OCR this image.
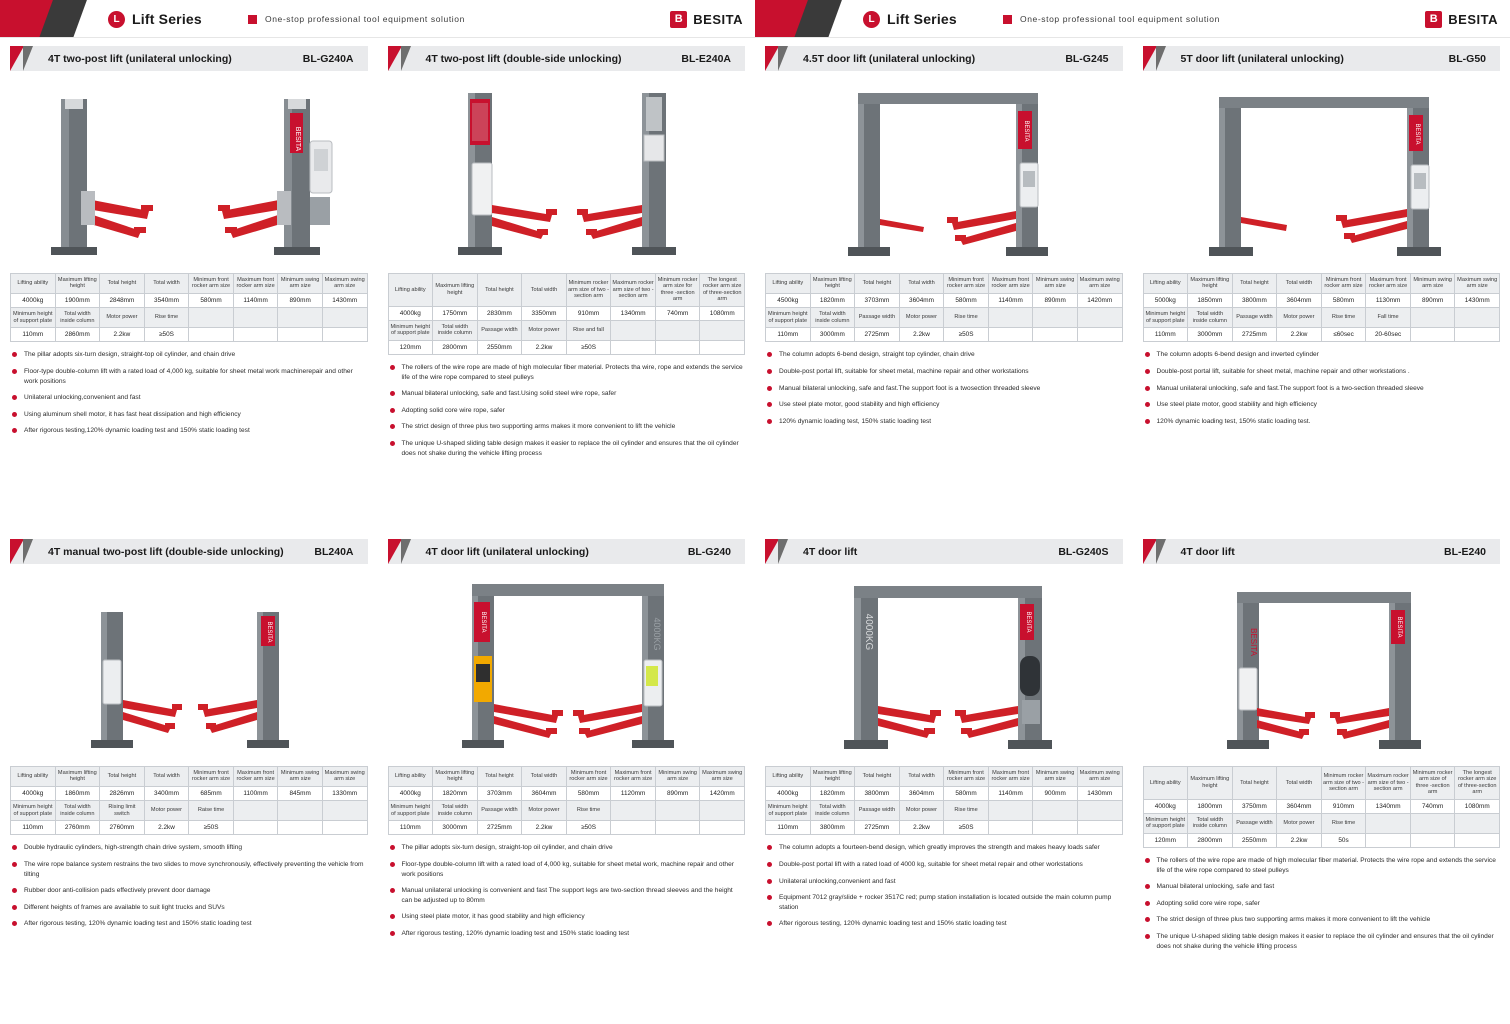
L Lift Series	One-stop professional tool equipment solution B	BESITA
4T two-post lift (unilateral unlocking)	BL-G240A
BESITA
Lifting ability	Maximum lifting height	Total height	Total width	Minimum front rocker arm size	Maximum front rocker arm size	Minimum swing arm size	Maximum swing arm size
4000kg	1900mm	2848mm	3540mm	580mm	1140mm	890mm	1430mm
Minimum height of support plate	Total width inside column	Motor power	Rise time				
110mm	2860mm	2.2kw	≥50S				
The pillar adopts six-turn design, straight-top oil cylinder, and chain drive
Floor-type double-column lift with a rated load of 4,000 kg, suitable for sheet metal work machinerepair and other work positions
Unilateral unlocking,convenient and fast
Using aluminum shell motor, it has fast heat dissipation and high efficiency
After rigorous testing,120% dynamic loading test and 150% static loading test
4T two-post lift (double-side unlocking)	BL-E240A
Lifting ability	Maximum lifting height	Total height	Total width	Minimum rocker arm size of two -section arm	Maximum rocker arm size of two -section arm	Minimum rocker arm size for three -section arm	The longest rocker arm size of three-section arm
4000kg	1750mm	2830mm	3350mm	910mm	1340mm	740mm	1080mm
Minimum height of support plate	Total width inside column	Passage width	Motor power	Rise and fall			
120mm	2800mm	2550mm	2.2kw	≥50S			
The rollers of the wire rope are made of high molecular fiber material. Protects tha wire, rope and extends the service life of the wire rope compared to steel pulleys
Manual bilateral unlocking, safe and fast.Using solid steel wire rope, safer
Adopting solid core wire rope, safer
The strict design of three plus two supporting arms makes it more convenient to lift the vehicle
The unique U-shaped sliding table design makes it easier to replace the oil cylinder and ensures that the oil cylinder does not shake during the vehicle lifting process
4T manual two-post lift (double-side unlocking)	BL240A
BESITA
Lifting ability	Maximum lifting height	Total height	Total width	Minimum front rocker arm size	Maximum front rocker arm size	Minimum swing arm size	Maximum swing arm size
4000kg	1860mm	2826mm	3400mm	685mm	1100mm	845mm	1330mm
Minimum height of support plate	Total width inside column	Rising limit switch	Motor power	Raise time			
110mm	2760mm	2760mm	2.2kw	≥50S			
Double hydraulic cylinders, high-strength chain drive system, smooth lifting
The wire rope balance system restrains the two slides to move synchronously, effectively preventing the vehicle from tilting
Rubber door anti-collision pads effectively prevent door damage
Different heights of frames are available to suit light trucks and SUVs
After rigorous testing, 120% dynamic loading test and 150% static loading test
4T door lift (unilateral unlocking)	BL-G240
BESITA	4000KG
Lifting ability	Maximum lifting height	Total height	Total width	Minimum front rocker arm size	Maximum front rocker arm size	Minimum swing arm size	Maximum swing arm size
4000kg	1820mm	3703mm	3604mm	580mm	1120mm	890mm	1420mm
Minimum height of support plate	Total width inside column	Passage width	Motor power	Rise time			
110mm	3000mm	2725mm	2.2kw	≥50S			
The pillar adopts six-turn design, straight-top oil cylinder, and chain drive
Floor-type double-column lift with a rated load of 4,000 kg, suitable for sheet metal work, machine repair and other work positions
Manual unilateral unlocking is convenient and fast The support legs are two-section thread sleeves and the height can be adjusted up to 80mm
Using steel plate motor, it has good stability and high efficiency
After rigorous testing, 120% dynamic loading test and 150% static loading test
L Lift Series	One-stop professional tool equipment solution B	BESITA
4.5T door lift (unilateral unlocking)	BL-G245
BESITA
Lifting ability	Maximum lifting height	Total height	Total width	Minimum front rocker arm size	Maximum front rocker arm size	Minimum swing arm size	Maximum swing arm size
4500kg	1820mm	3703mm	3604mm	580mm	1140mm	890mm	1420mm
Minimum height of support plate	Total width inside column	Passage width	Motor power	Rise time			
110mm	3000mm	2725mm	2.2kw	≥50S			
The column adopts 6-bend design, straight top cylinder, chain drive
Double-post portal lift, suitable for sheet metal, machine repair and other workstations
Manual bilateral unlocking, safe and fast.The support foot is a twosection threaded sleeve
Use steel plate motor, good stability and high efficiency
120% dynamic loading test, 150% static loading test
5T door lift (unilateral unlocking)	BL-G50
BESITA
Lifting ability	Maximum lifting height	Total height	Total width	Minimum front rocker arm size	Maximum front rocker arm size	Minimum swing arm size	Maximum swing arm size
5000kg	1850mm	3800mm	3604mm	580mm	1130mm	890mm	1430mm
Minimum height of support plate	Total width inside column	Passage width	Motor power	Rise time	Fall time		
110mm	3000mm	2725mm	2.2kw	≤60sec	20-60sec		
The column adopts 6-bend design and inverted cylinder
Double-post portal lift, suitable for sheet metal, machine repair and other workstations .
Manual unilateral unlocking, safe and fast.The support foot is a two-section threaded sleeve
Use steel plate motor, good stability and high efficiency
120% dynamic loading test, 150% static loading test.
4T door lift	BL-G240S
4000KG	BESITA
Lifting ability	Maximum lifting height	Total height	Total width	Minimum front rocker arm size	Maximum front rocker arm size	Minimum swing arm size	Maximum swing arm size
4000kg	1820mm	3800mm	3604mm	580mm	1140mm	900mm	1430mm
Minimum height of support plate	Total width inside column	Passage width	Motor power	Rise time			
110mm	3800mm	2725mm	2.2kw	≥50S			
The column adopts a fourteen-bend design, which greatly improves the strength and makes heavy loads safer
Double-post portal lift with a rated load of 4000 kg, suitable for sheet metal repair and other workstations
Unilateral unlocking,convenient and fast
Equipment 7012 gray/slide + rocker 3517C red; pump station installation is located outside the main column pump station
After rigorous testing, 120% dynamic loading test and 150% static loading test
4T door lift	BL-E240
BESITA
BESITA
Lifting ability	Maximum lifting height	Total height	Total width	Minimum rocker arm size of two -section arm	Maximum rocker arm size of two -section arm	Minimum rocker arm size of three -section arm	The longest rocker arm size of three-section arm
4000kg	1800mm	3750mm	3604mm	910mm	1340mm	740mm	1080mm
Minimum height of support plate	Total width inside column	Passage width	Motor power	Rise time			
120mm	2800mm	2550mm	2.2kw	50s			
The rollers of the wire rope are made of high molecular fiber material. Protects the wire rope and extends the service life of the wire rope compared to steel pulleys
Manual bilateral unlocking, safe and fast
Adopting solid core wire rope, safer
The strict design of three plus two supporting arms makes it more convenient to lift the vehicle
The unique U-shaped sliding table design makes it easier to replace the oil cylinder and ensures that the oil cylinder does not shake during the vehicle lifting process
